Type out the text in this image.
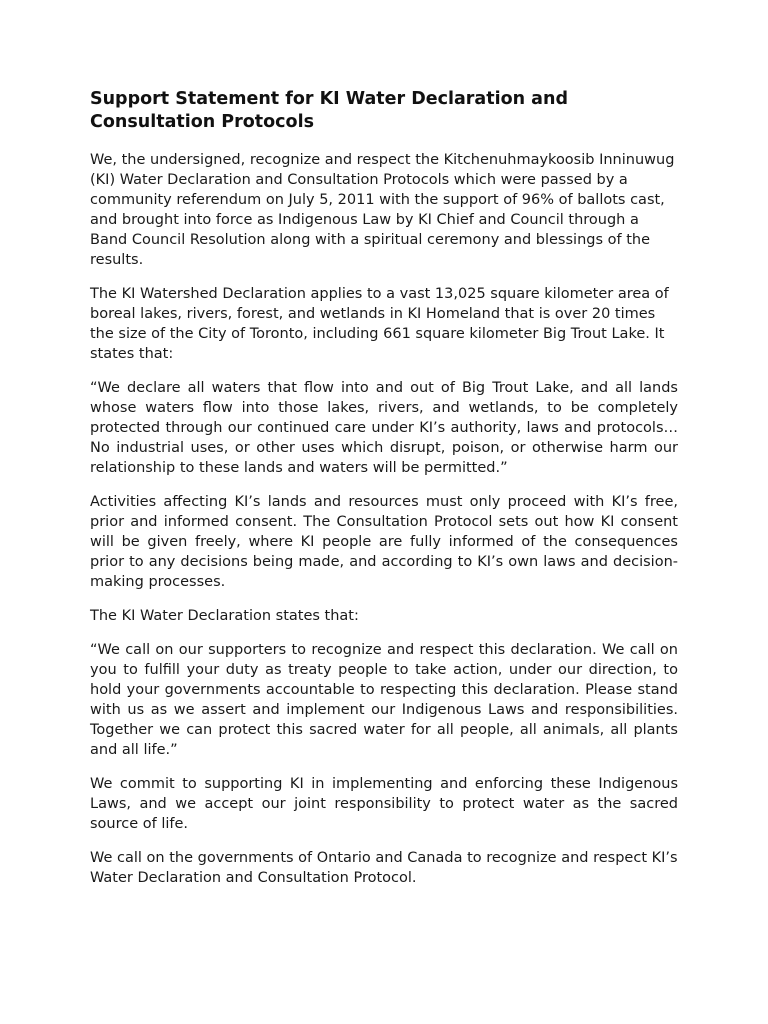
Support Statement for KI Water Declaration and Consultation Protocols

We, the undersigned, recognize and respect the Kitchenuhmaykoosib Inninuwug (KI) Water Declaration and Consultation Protocols which were passed by a community referendum on July 5, 2011 with the support of 96% of ballots cast, and brought into force as Indigenous Law by KI Chief and Council through a Band Council Resolution along with a spiritual ceremony and blessings of the results.

The KI Watershed Declaration applies to a vast 13,025 square kilometer area of boreal lakes, rivers, forest, and wetlands in KI Homeland that is over 20 times the size of the City of Toronto, including 661 square kilometer Big Trout Lake. It states that:

“We declare all waters that flow into and out of Big Trout Lake, and all lands whose waters flow into those lakes, rivers, and wetlands, to be completely protected through our continued care under KI’s authority, laws and protocols… No industrial uses, or other uses which disrupt, poison, or otherwise harm our relationship to these lands and waters will be permitted.”

Activities affecting KI’s lands and resources must only proceed with KI’s free, prior and informed consent. The Consultation Protocol sets out how KI consent will be given freely, where KI people are fully informed of the consequences prior to any decisions being made, and according to KI’s own laws and decision-making processes.

The KI Water Declaration states that:

“We call on our supporters to recognize and respect this declaration. We call on you to fulfill your duty as treaty people to take action, under our direction, to hold your governments accountable to respecting this declaration. Please stand with us as we assert and implement our Indigenous Laws and responsibilities. Together we can protect this sacred water for all people, all animals, all plants and all life.”

We commit to supporting KI in implementing and enforcing these Indigenous Laws, and we accept our joint responsibility to protect water as the sacred source of life.

We call on the governments of Ontario and Canada to recognize and respect KI’s Water Declaration and Consultation Protocol.
